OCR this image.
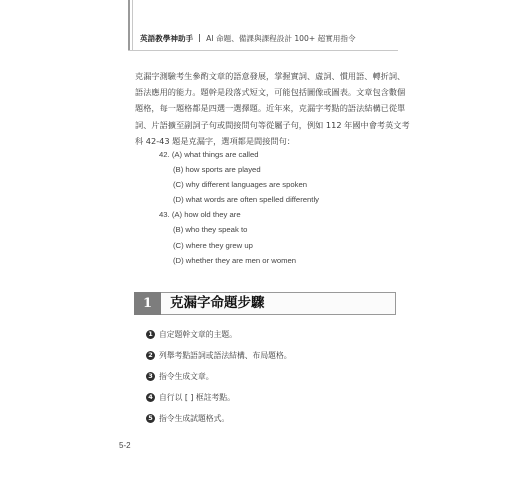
英語教學神助手 AI 命題、備課與課程設計 100+ 超實用指令
克漏字測驗考生參酌文章的語意發展，掌握實詞、虛詞、慣用語、轉折詞、
語法應用的能力。題幹是段落式短文，可能包括圖像或圖表。文章包含數個
題格，每一題格都是四選一選擇題。近年來，克漏字考點的語法結構已從單
詞、片語擴至副詞子句或間接問句等從屬子句，例如 112 年國中會考英文考
科 42-43 題是克漏字，選項都是間接問句：
42. (A) what things are called
(B) how sports are played
(C) why different languages are spoken
(D) what words are often spelled differently
43. (A) how old they are
(B) who they speak to
(C) where they grew up
(D) whether they are men or women
1	克漏字命題步驟
1 自定題幹文章的主題。
2 列舉考點語詞或語法結構、布局題格。
3 指令生成文章。
4 自行以 [ ] 框註考點。
5 指令生成試題格式。
5-2
